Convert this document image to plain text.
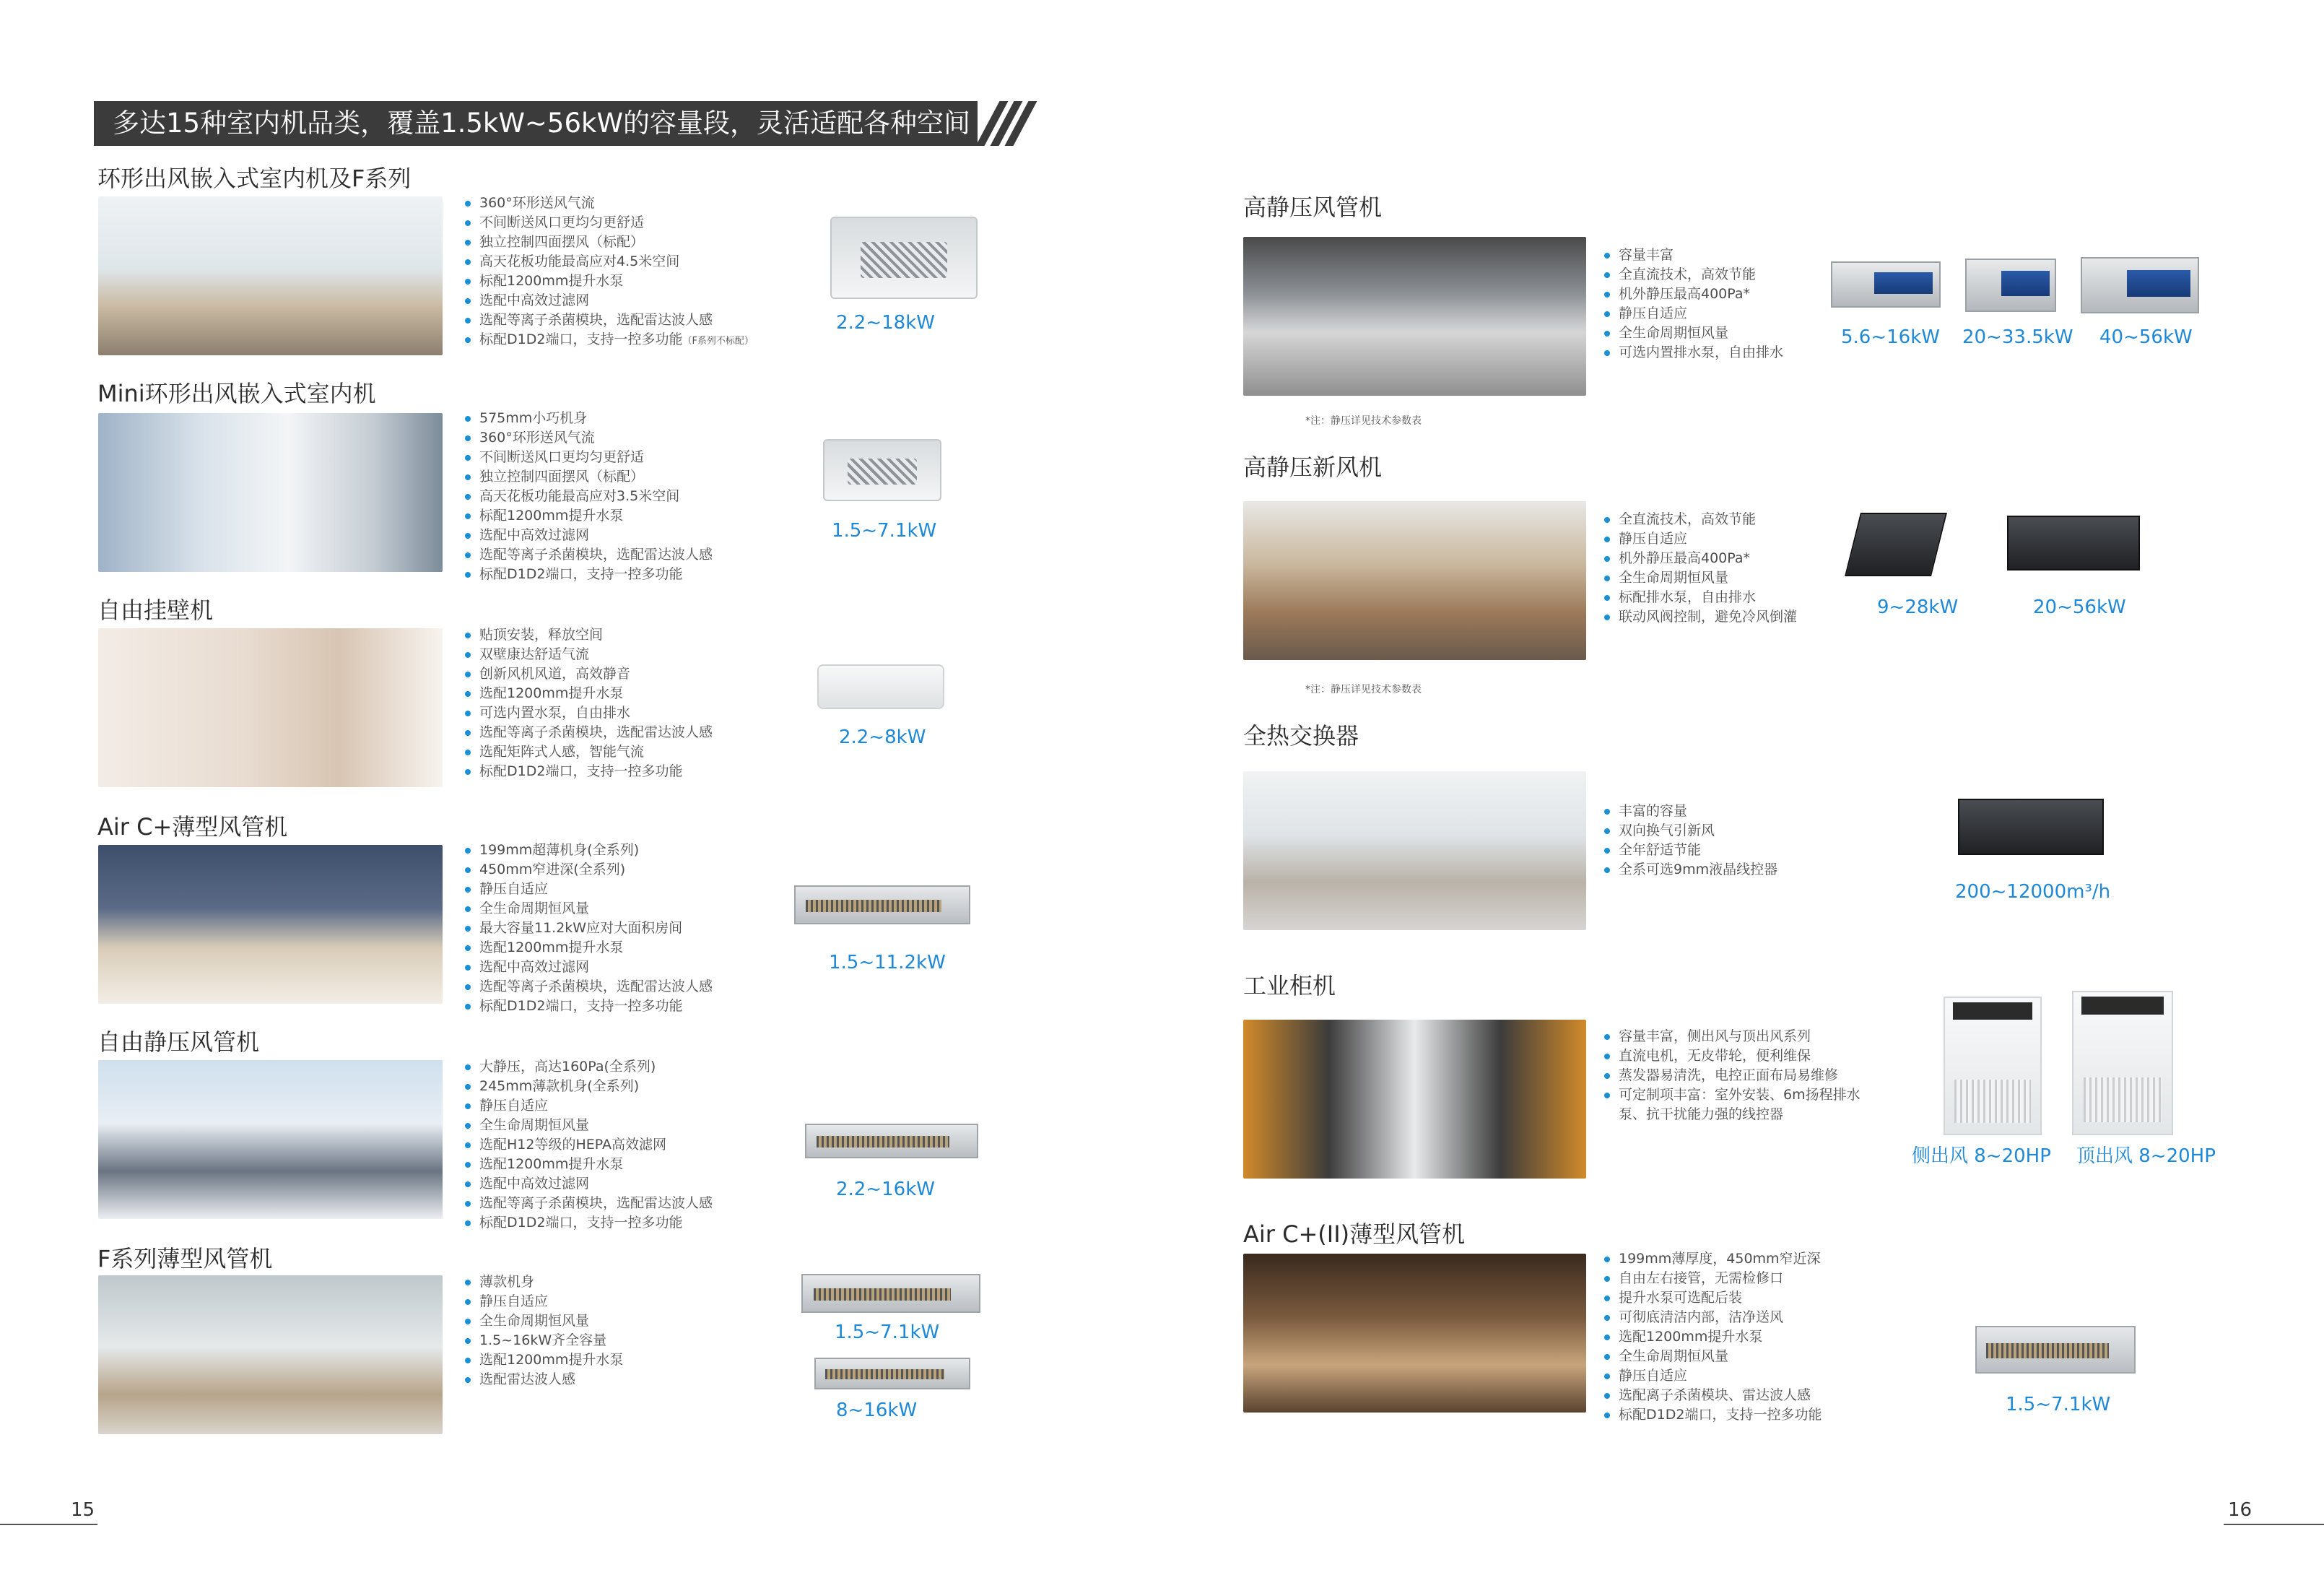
多达15种室内机品类，覆盖1.5kW~56kW的容量段，灵活适配各种空间
环形出风嵌入式室内机及F系列
360°环形送风气流
不间断送风口更均匀更舒适
独立控制四面摆风（标配）
高天花板功能最高应对4.5米空间
标配1200mm提升水泵
选配中高效过滤网
选配等离子杀菌模块，选配雷达波人感
标配D1D2端口，支持一控多功能（F系列不标配）
2.2~18kW
Mini环形出风嵌入式室内机
575mm小巧机身
360°环形送风气流
不间断送风口更均匀更舒适
独立控制四面摆风（标配）
高天花板功能最高应对3.5米空间
标配1200mm提升水泵
选配中高效过滤网
选配等离子杀菌模块，选配雷达波人感
标配D1D2端口，支持一控多功能
1.5~7.1kW
自由挂壁机
贴顶安装，释放空间
双壁康达舒适气流
创新风机风道，高效静音
选配1200mm提升水泵
可选内置水泵，自由排水
选配等离子杀菌模块，选配雷达波人感
选配矩阵式人感，智能气流
标配D1D2端口，支持一控多功能
2.2~8kW
Air C+薄型风管机
199mm超薄机身(全系列)
450mm窄进深(全系列)
静压自适应
全生命周期恒风量
最大容量11.2kW应对大面积房间
选配1200mm提升水泵
选配中高效过滤网
选配等离子杀菌模块，选配雷达波人感
标配D1D2端口，支持一控多功能
1.5~11.2kW
自由静压风管机
大静压，高达160Pa(全系列)
245mm薄款机身(全系列)
静压自适应
全生命周期恒风量
选配H12等级的HEPA高效滤网
选配1200mm提升水泵
选配中高效过滤网
选配等离子杀菌模块，选配雷达波人感
标配D1D2端口，支持一控多功能
2.2~16kW
F系列薄型风管机
薄款机身
静压自适应
全生命周期恒风量
1.5~16kW齐全容量
选配1200mm提升水泵
选配雷达波人感
1.5~7.1kW
8~16kW
15
高静压风管机
容量丰富
全直流技术，高效节能
机外静压最高400Pa*
静压自适应
全生命周期恒风量
可选内置排水泵，自由排水
*注：静压详见技术参数表
5.6~16kW 20~33.5kW 40~56kW
高静压新风机
全直流技术，高效节能
静压自适应
机外静压最高400Pa*
全生命周期恒风量
标配排水泵，自由排水
联动风阀控制，避免冷风倒灌
*注：静压详见技术参数表
9~28kW	20~56kW
全热交换器
丰富的容量
双向换气引新风
全年舒适节能
全系可选9mm液晶线控器
200~12000m³/h
工业柜机
容量丰富，侧出风与顶出风系列
直流电机，无皮带轮，便利维保
蒸发器易清洗，电控正面布局易维修
可定制项丰富：室外安装、6m扬程排水
泵、抗干扰能力强的线控器
侧出风 8~20HP 顶出风 8~20HP
Air C+(II)薄型风管机
199mm薄厚度，450mm窄近深
自由左右接管，无需检修口
提升水泵可选配后装
可彻底清洁内部，洁净送风
选配1200mm提升水泵
全生命周期恒风量
静压自适应
选配离子杀菌模块、雷达波人感
标配D1D2端口，支持一控多功能	1.5~7.1kW
16
